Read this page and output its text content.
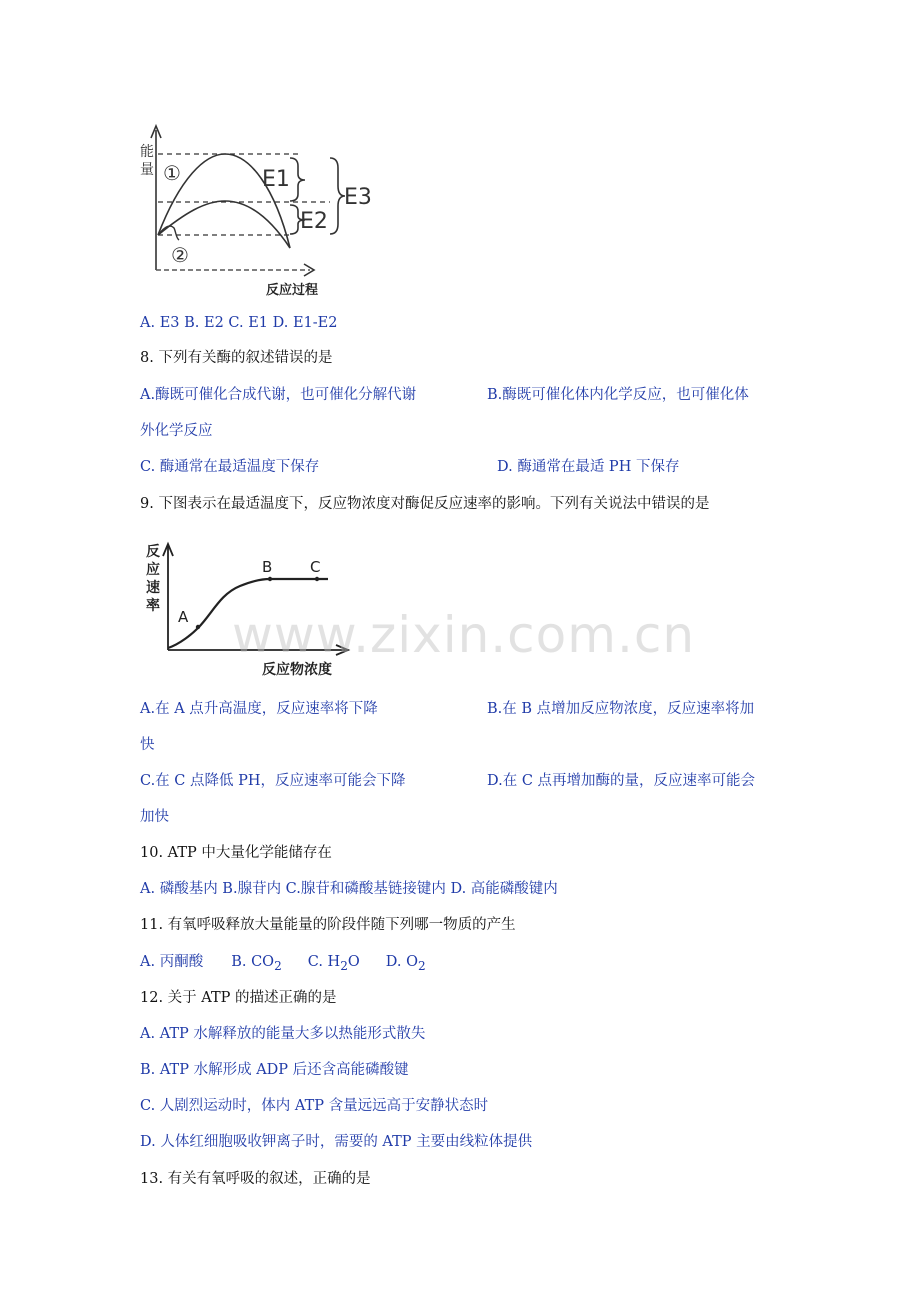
能
量 ①
②
E1
E2
E3
反应过程
A. E3 B. E2 C. E1 D. E1-E2
8. 下列有关酶的叙述错误的是
A.酶既可催化合成代谢，也可催化分解代谢	B.酶既可催化体内化学反应，也可催化体
外化学反应
C. 酶通常在最适温度下保存	D. 酶通常在最适 PH 下保存
9. 下图表示在最适温度下，反应物浓度对酶促反应速率的影响。下列有关说法中错误的是
反
应
速
率
A
B	C
反应物浓度
www.zixin.com.cn
A.在 A 点升高温度，反应速率将下降	B.在 B 点增加反应物浓度，反应速率将加
快
C.在 C 点降低 PH，反应速率可能会下降	D.在 C 点再增加酶的量，反应速率可能会
加快
10. ATP 中大量化学能储存在
A. 磷酸基内 B.腺苷内 C.腺苷和磷酸基链接键内 D. 高能磷酸键内
11. 有氧呼吸释放大量能量的阶段伴随下列哪一物质的产生
A. 丙酮酸 B. $CO_2$ C. $H_2O$ D. $O_2$
12. 关于 ATP 的描述正确的是
A. ATP 水解释放的能量大多以热能形式散失
B. ATP 水解形成 ADP 后还含高能磷酸键
C. 人剧烈运动时，体内 ATP 含量远远高于安静状态时
D. 人体红细胞吸收钾离子时，需要的 ATP 主要由线粒体提供
13. 有关有氧呼吸的叙述，正确的是
